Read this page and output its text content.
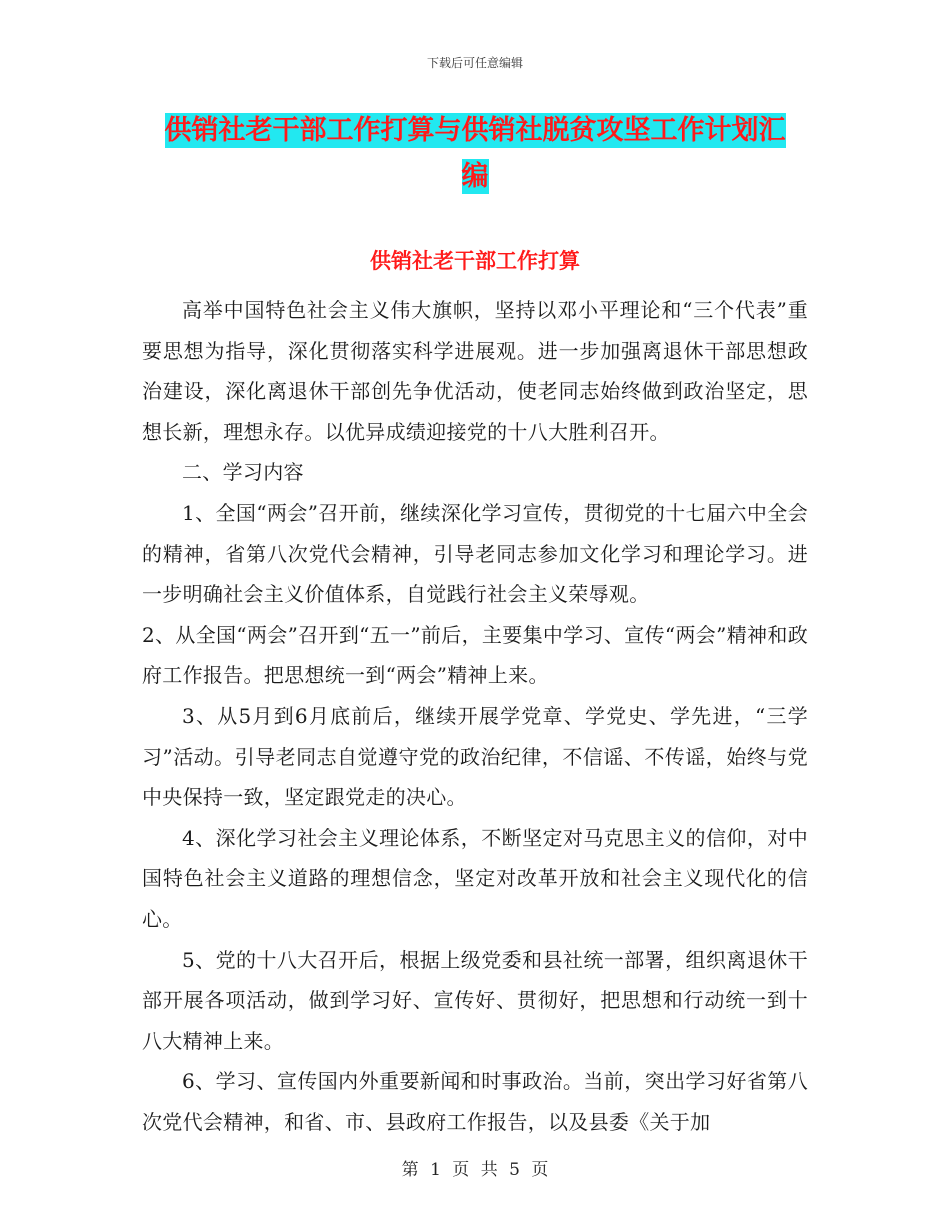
下载后可任意编辑
供销社老干部工作打算与供销社脱贫攻坚工作计划汇
编
供销社老干部工作打算

高举中国特色社会主义伟大旗帜，坚持以邓小平理论和“三个代表”重要思想为指导，深化贯彻落实科学进展观。进一步加强离退休干部思想政治建设，深化离退休干部创先争优活动，使老同志始终做到政治坚定，思想长新，理想永存。以优异成绩迎接党的十八大胜利召开。

二、学习内容

1、全国“两会”召开前，继续深化学习宣传，贯彻党的十七届六中全会的精神，省第八次党代会精神，引导老同志参加文化学习和理论学习。进一步明确社会主义价值体系，自觉践行社会主义荣辱观。

2、从全国“两会”召开到“五一”前后，主要集中学习、宣传“两会”精神和政府工作报告。把思想统一到“两会”精神上来。

3、从5月到6月底前后，继续开展学党章、学党史、学先进，“三学习”活动。引导老同志自觉遵守党的政治纪律，不信谣、不传谣，始终与党中央保持一致，坚定跟党走的决心。

4、深化学习社会主义理论体系，不断坚定对马克思主义的信仰，对中国特色社会主义道路的理想信念，坚定对改革开放和社会主义现代化的信心。

5、党的十八大召开后，根据上级党委和县社统一部署，组织离退休干部开展各项活动，做到学习好、宣传好、贯彻好，把思想和行动统一到十八大精神上来。

6、学习、宣传国内外重要新闻和时事政治。当前，突出学习好省第八次党代会精神，和省、市、县政府工作报告，以及县委《关于加

第 1 页 共 5 页
